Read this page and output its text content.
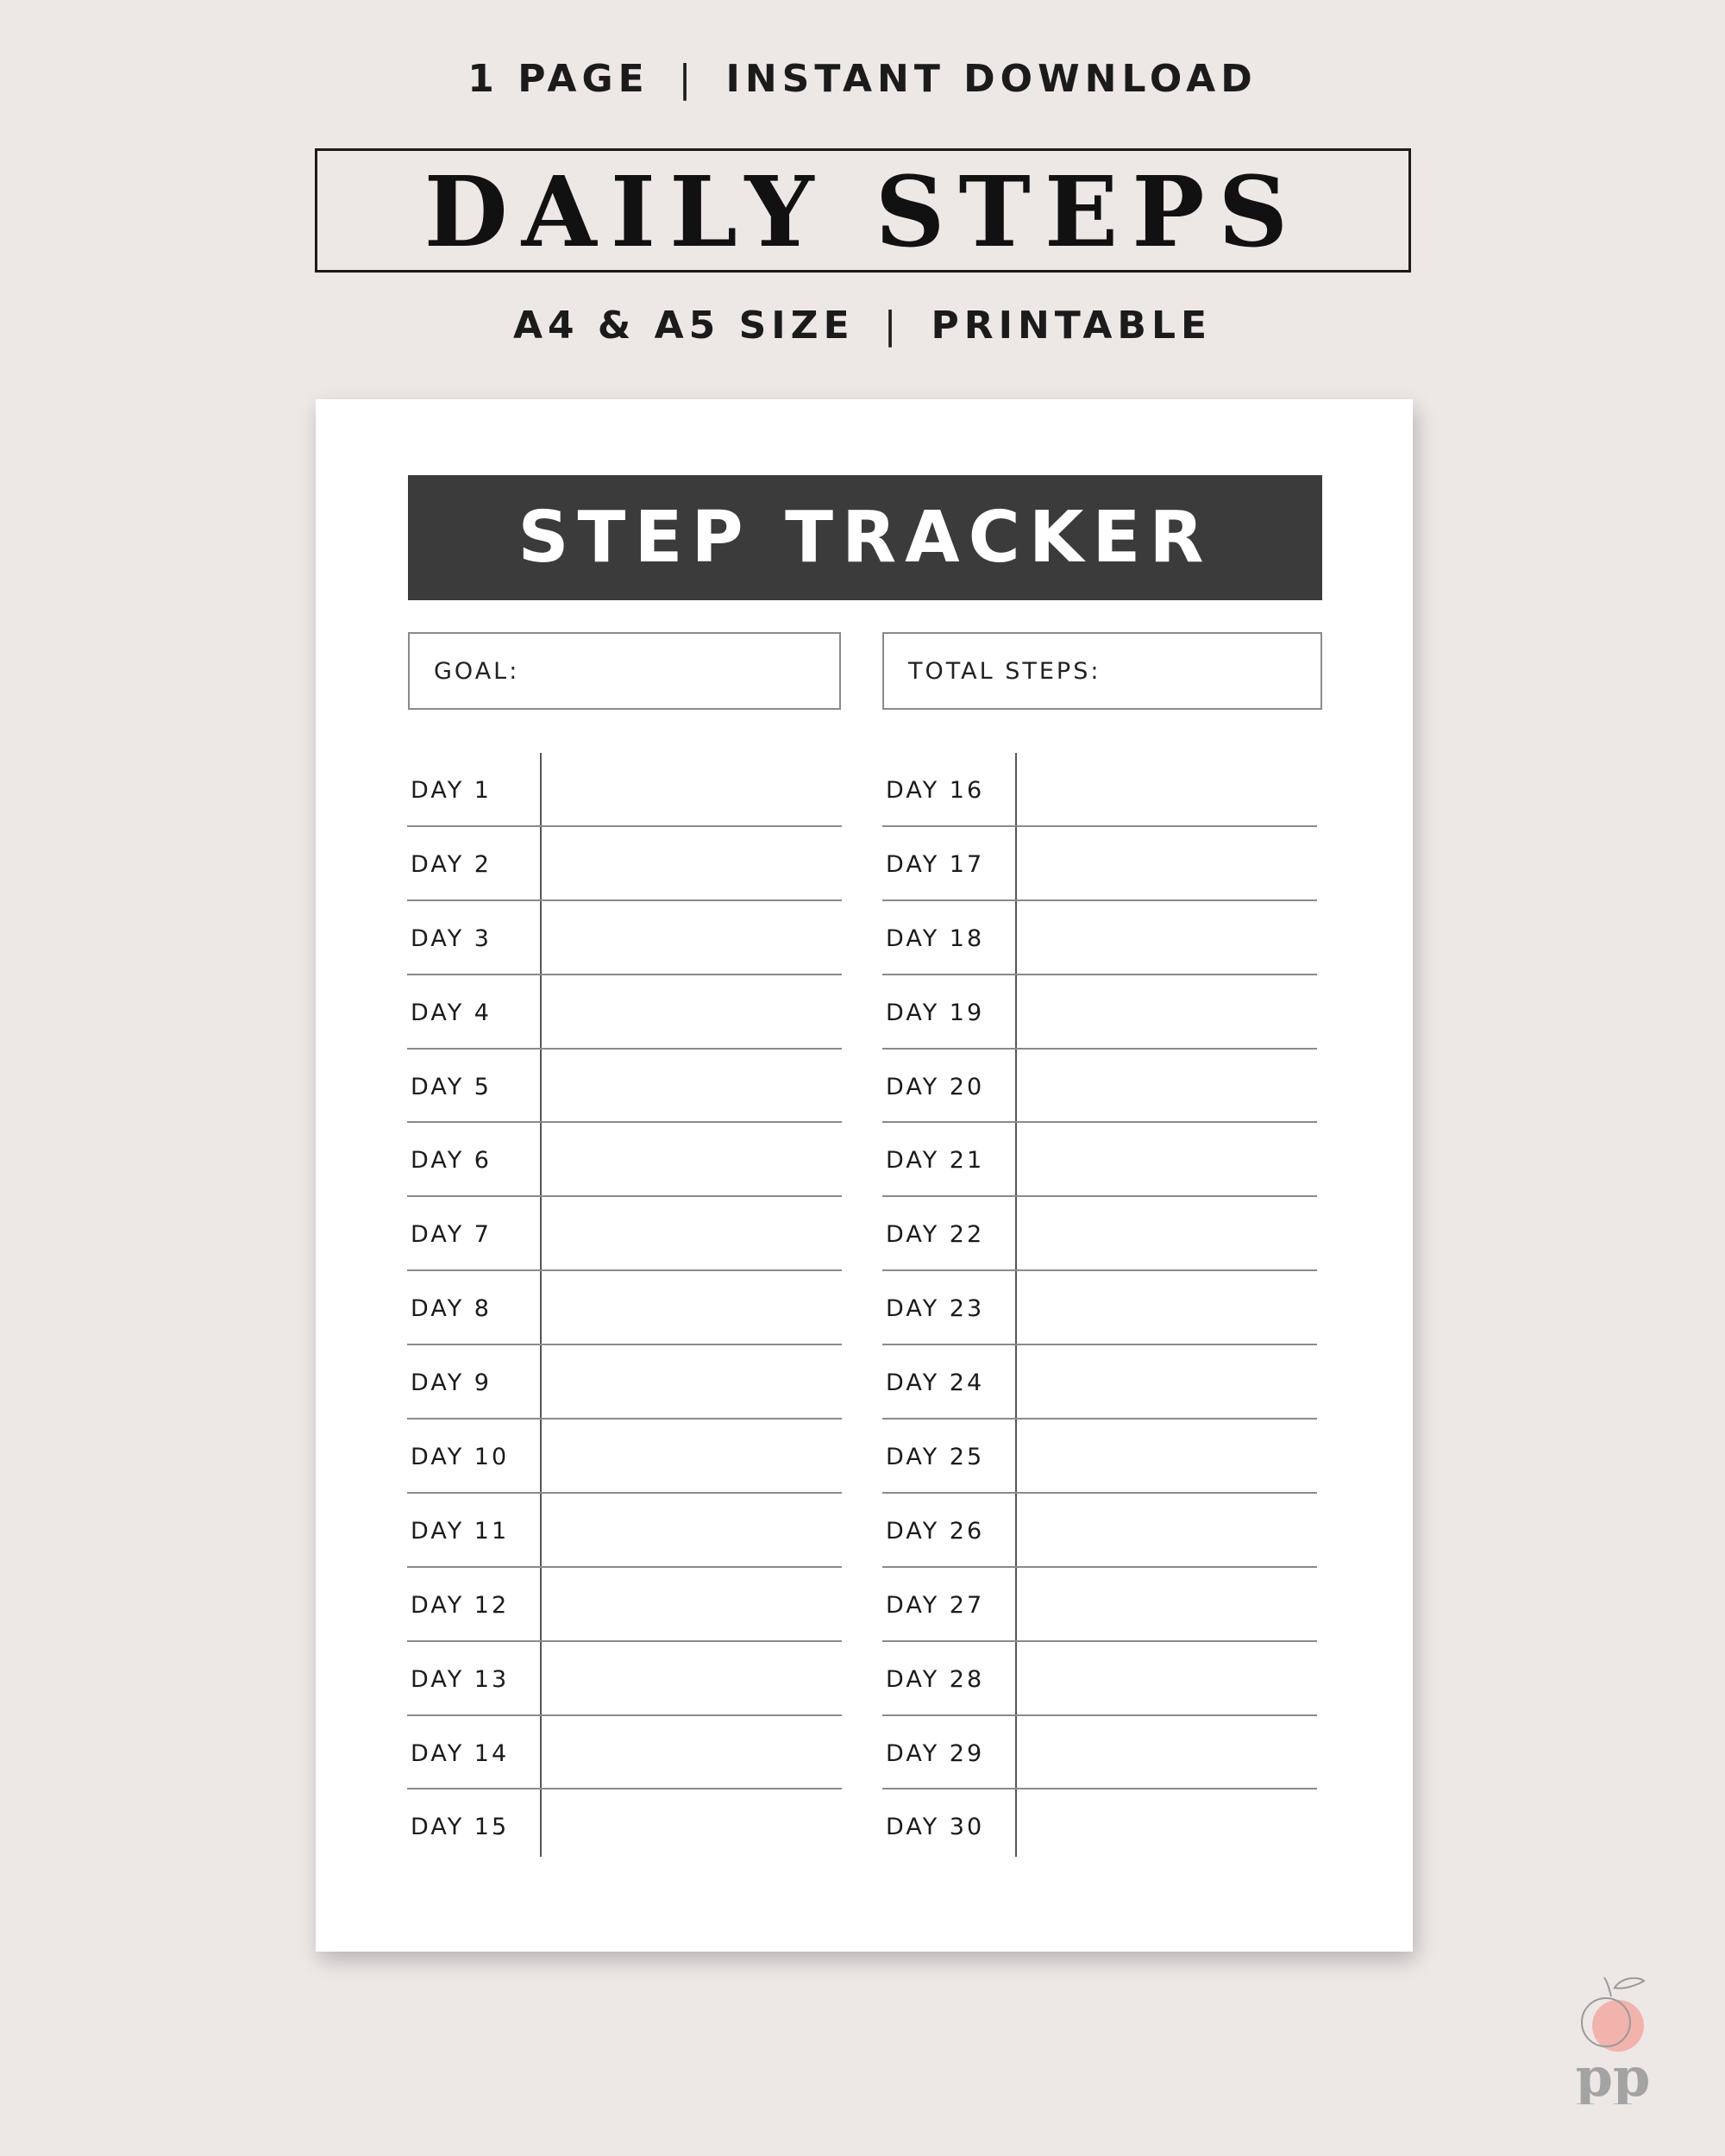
1 PAGE | INSTANT DOWNLOAD
DAILY STEPS
A4 & A5 SIZE | PRINTABLE
STEP TRACKER
GOAL:	TOTAL STEPS:
DAY 1
DAY 2
DAY 3
DAY 4
DAY 5
DAY 6
DAY 7
DAY 8
DAY 9
DAY 10
DAY 11
DAY 12
DAY 13
DAY 14
DAY 15
DAY 16
DAY 17
DAY 18
DAY 19
DAY 20
DAY 21
DAY 22
DAY 23
DAY 24
DAY 25
DAY 26
DAY 27
DAY 28
DAY 29
DAY 30
pp
